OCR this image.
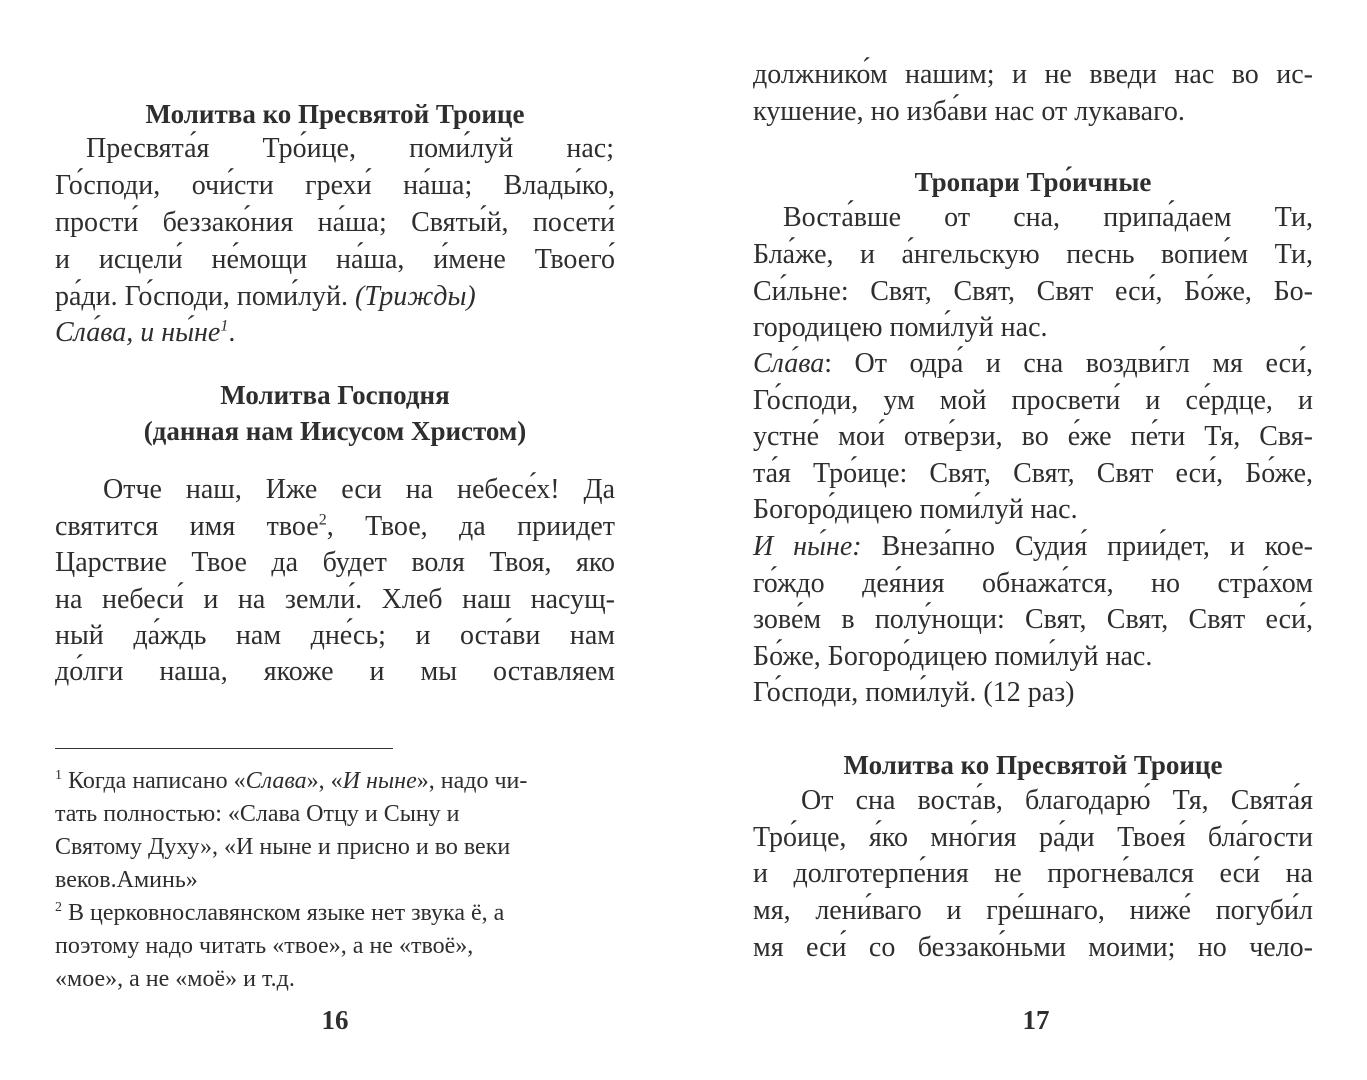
Молитва ко Пресвятой Троице
Пресвята́я Тро́ице, поми́луй нас;
Го́споди, очи́сти грехи́ на́ша; Влады́ко,
прости́ беззако́ния на́ша; Святы́й, посети́
и исцели́ не́мощи на́ша, и́мене Твоего́
ра́ди. Го́споди, поми́луй. (Трижды)
Сла́ва, и $ны́не^1$.
Молитва Господня
(данная нам Иисусом Христом)
Отче наш, Иже еси на небесе́х! Да
святится имя твое$^2$, Твое, да приидет
Царствие Твое да будет воля Твоя, яко
на небеси́ и на земли́. Хлеб наш насущ-
ный да́ждь нам дне́сь; и оста́ви нам
до́лги наша, якоже и мы оставляем
$^1$ Когда написано «Слава», «И ныне», надо чи-
тать полностью: «Слава Отцу и Сыну и
Святому Духу», «И ныне и присно и во веки
веков.Аминь»
$^2$ В церковнославянском языке нет звука ё, а
поэтому надо читать «твое», а не «твоё»,
«мое», а не «моё» и т.д.
16
должнико́м нашим; и не введи нас во ис-
кушение, но изба́ви нас от лукаваго.
Тропари Тро́ичные
Воста́вше от сна, припа́даем Ти,
Бла́же, и а́нгельскую песнь вопие́м Ти,
Си́льне: Свят, Свят, Свят еси́, Бо́же, Бо-
городицею поми́луй нас.
Сла́ва: От одра́ и сна воздви́гл мя еси́,
Го́споди, ум мой просвети́ и се́рдце, и
устне́ мои́ отве́рзи, во е́же пе́ти Тя, Свя-
та́я Тро́ице: Свят, Свят, Свят еси́, Бо́же,
Богоро́дицею поми́луй нас.
И ны́не: Внеза́пно Судия́ прии́дет, и кое-
го́ждо дея́ния обнажа́тся, но стра́хом
зове́м в полу́нощи: Свят, Свят, Свят еси́,
Бо́же, Богоро́дицею поми́луй нас.
Го́споди, поми́луй. (12 раз)
Молитва ко Пресвятой Троице
От сна воста́в, благодарю́ Тя, Свята́я
Тро́ице, я́ко мно́гия ра́ди Твоея́ бла́гости
и долготерпе́ния не прогне́вался еси́ на
мя, лени́ваго и гре́шнаго, ниже́ погуби́л
мя еси́ со беззако́ньми моими; но чело-
17
